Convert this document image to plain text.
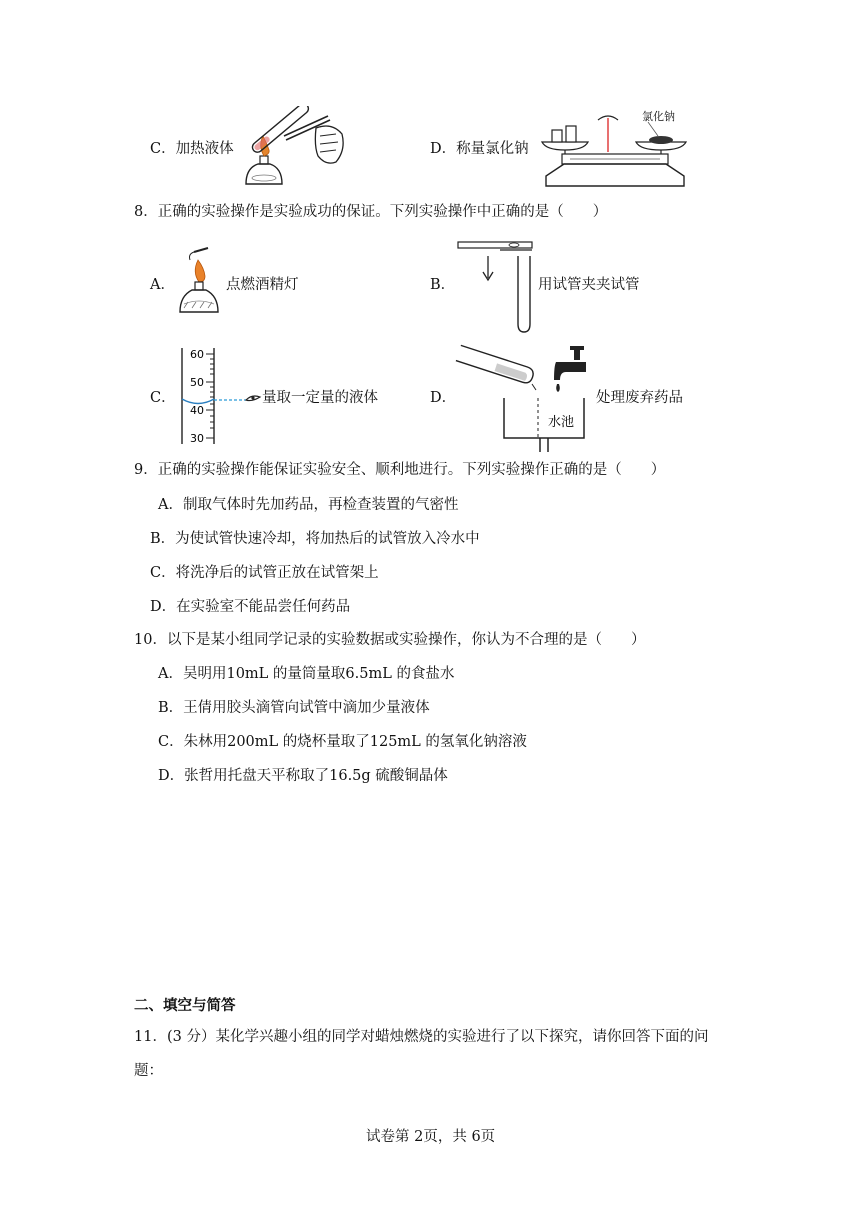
C．加热液体	D．称量氯化钠
氯化钠
8．正确的实验操作是实验成功的保证。下列实验操作中正确的是（　　）
A．	点燃酒精灯	B．	用试管夹夹试管
C．
60
50
40
30
量取一定量的液体	D．
水池
处理废弃药品
9．正确的实验操作能保证实验安全、顺利地进行。下列实验操作正确的是（　　）
A．制取气体时先加药品，再检查装置的气密性
B．为使试管快速冷却，将加热后的试管放入冷水中
C．将洗净后的试管正放在试管架上
D．在实验室不能品尝任何药品
10．以下是某小组同学记录的实验数据或实验操作，你认为不合理的是（　　）
A．吴明用10mL 的量筒量取6.5mL 的食盐水
B．王倩用胶头滴管向试管中滴加少量液体
C．朱林用200mL 的烧杯量取了125mL 的氢氧化钠溶液
D．张哲用托盘天平称取了16.5g 硫酸铜晶体
二、填空与简答
11．(3 分）某化学兴趣小组的同学对蜡烛燃烧的实验进行了以下探究，请你回答下面的问
题：
试卷第 2页，共 6页
